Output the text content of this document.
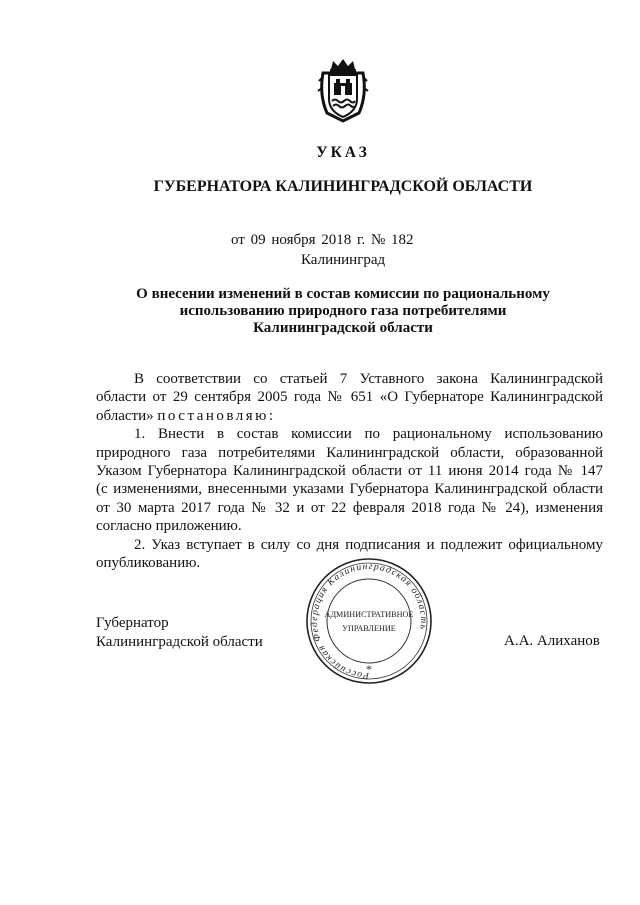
УКАЗ
ГУБЕРНАТОРА КАЛИНИНГРАДСКОЙ ОБЛАСТИ
от 09 ноября 2018 г. № 182
Калининград
О внесении изменений в состав комиссии по рациональному
использованию природного газа потребителями
Калининградской области

В соответствии со статьей 7 Уставного закона Калининградской
области от 29 сентября 2005 года № 651 «О Губернаторе Калининградской
области» постановляю:

1. Внести в состав комиссии по рациональному использованию
природного газа потребителями Калининградской области, образованной
Указом Губернатора Калининградской области от 11 июня 2014 года № 147
(с изменениями, внесенными указами Губернатора Калининградской области
от 30 марта 2017 года № 32 и от 22 февраля 2018 года № 24), изменения
согласно приложению.

2. Указ вступает в силу со дня подписания и подлежит официальному
опубликованию.

Российская Федерация Калининградская область
АДМИНИСТРАТИВНОЕ
УПРАВЛЕНИЕ
*
Губернатор
Калининградской области	А.А. Алиханов
